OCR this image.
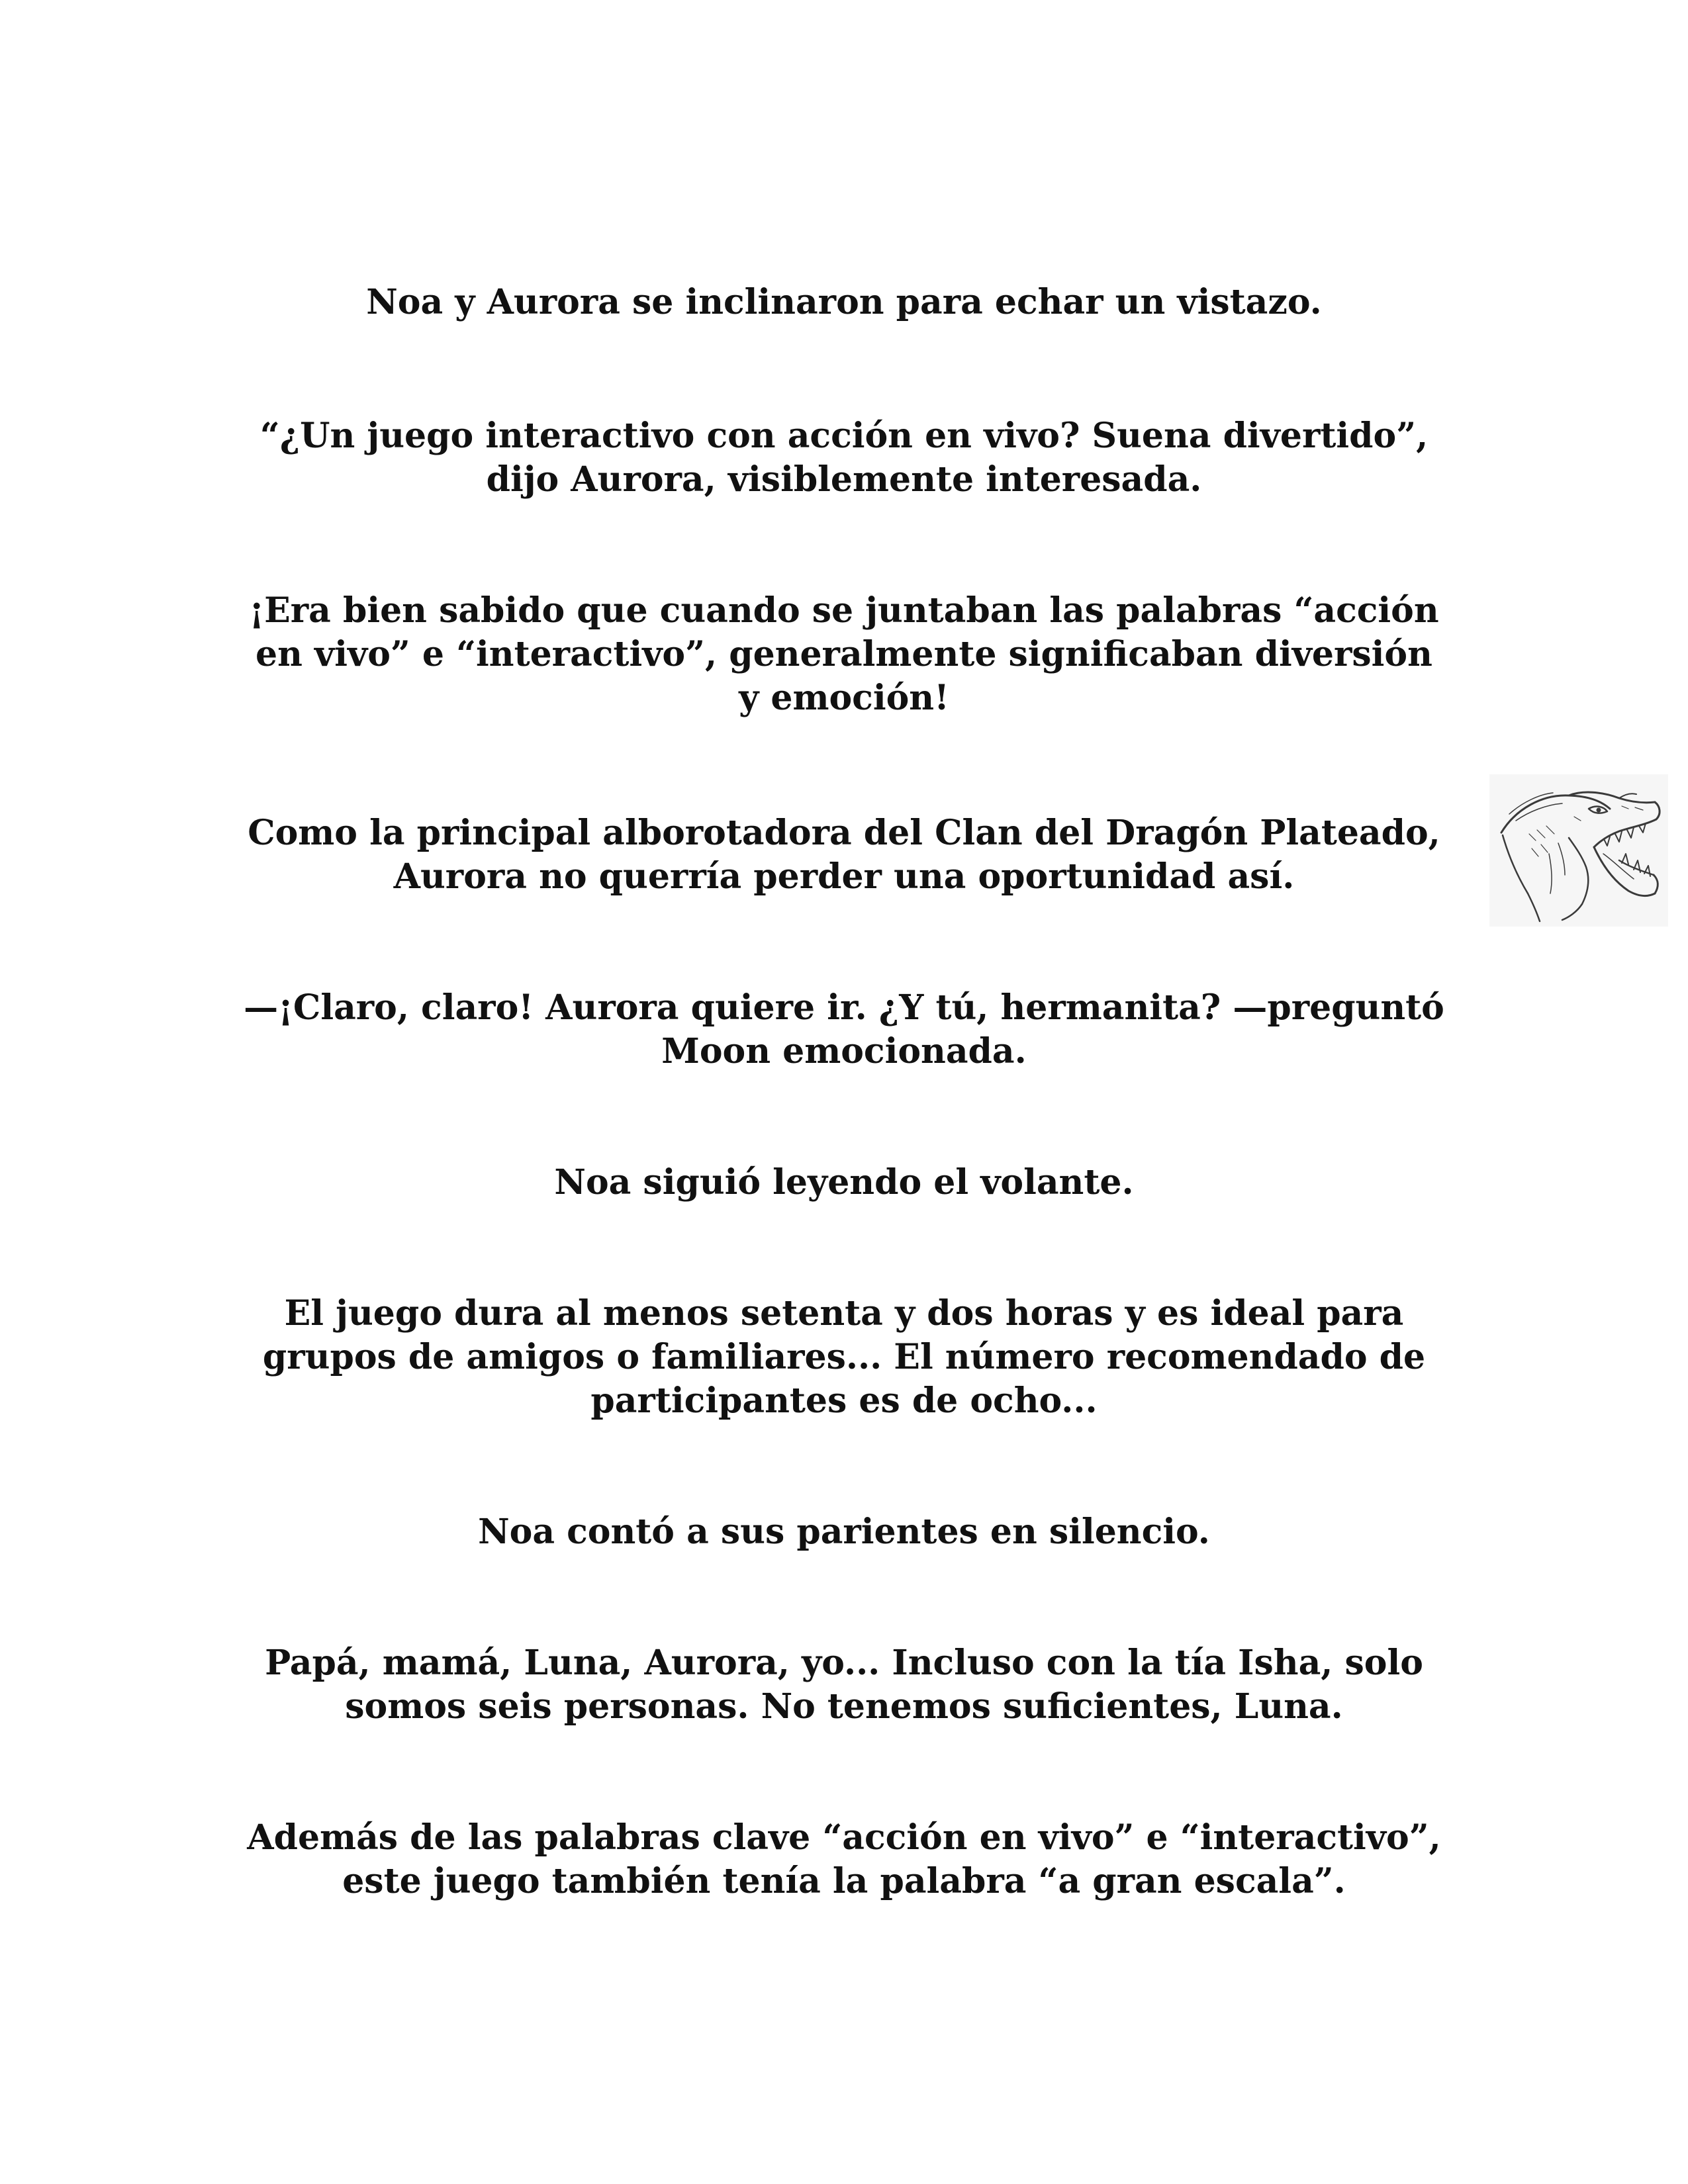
Noa y Aurora se inclinaron para echar un vistazo.

“¿Un juego interactivo con acción en vivo? Suena divertido”,
dijo Aurora, visiblemente interesada.

¡Era bien sabido que cuando se juntaban las palabras “acción
en vivo” e “interactivo”, generalmente significaban diversión
y emoción!

Como la principal alborotadora del Clan del Dragón Plateado,
Aurora no querría perder una oportunidad así.

—¡Claro, claro! Aurora quiere ir. ¿Y tú, hermanita? —preguntó
Moon emocionada.

Noa siguió leyendo el volante.

El juego dura al menos setenta y dos horas y es ideal para
grupos de amigos o familiares... El número recomendado de
participantes es de ocho...

Noa contó a sus parientes en silencio.

Papá, mamá, Luna, Aurora, yo... Incluso con la tía Isha, solo
somos seis personas. No tenemos suficientes, Luna.

Además de las palabras clave “acción en vivo” e “interactivo”,
este juego también tenía la palabra “a gran escala”.
